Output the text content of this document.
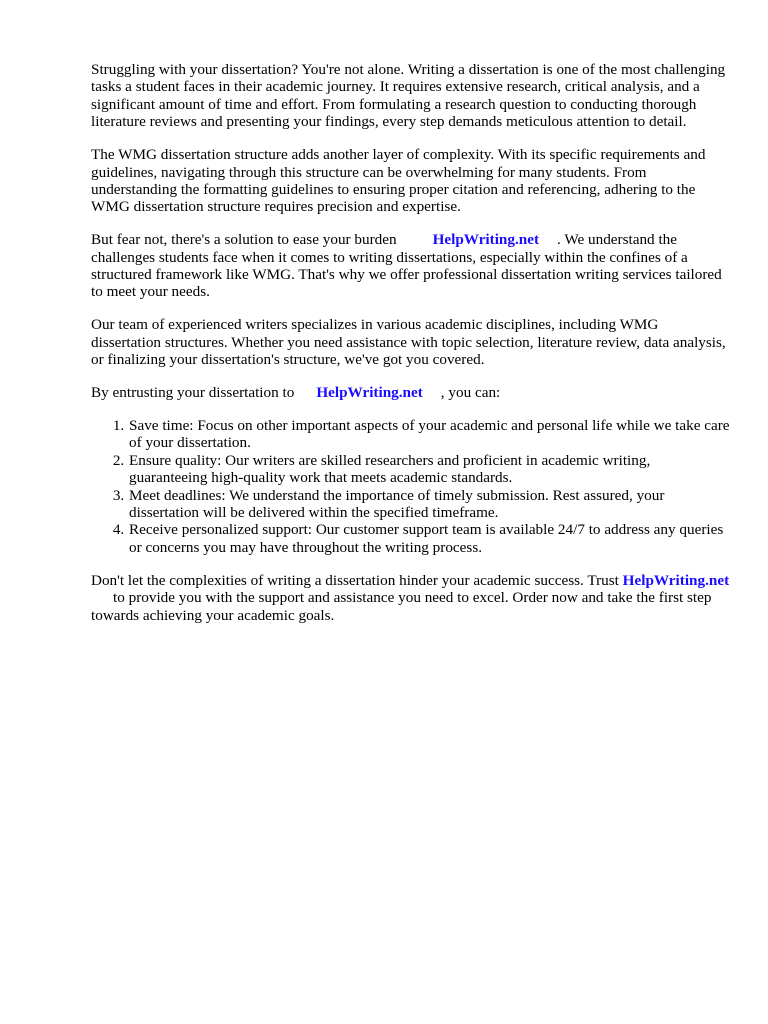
Struggling with your dissertation? You're not alone. Writing a dissertation is one of the most challenging tasks a student faces in their academic journey. It requires extensive research, critical analysis, and a significant amount of time and effort. From formulating a research question to conducting thorough literature reviews and presenting your findings, every step demands meticulous attention to detail.

The WMG dissertation structure adds another layer of complexity. With its specific requirements and guidelines, navigating through this structure can be overwhelming for many students. From understanding the formatting guidelines to ensuring proper citation and referencing, adhering to the WMG dissertation structure requires precision and expertise.

But fear not, there's a solution to ease your burden HelpWriting.net . We understand the challenges students face when it comes to writing dissertations, especially within the confines of a structured framework like WMG. That's why we offer professional dissertation writing services tailored to meet your needs.

Our team of experienced writers specializes in various academic disciplines, including WMG dissertation structures. Whether you need assistance with topic selection, literature review, data analysis, or finalizing your dissertation's structure, we've got you covered.

By entrusting your dissertation to HelpWriting.net , you can:

1. Save time: Focus on other important aspects of your academic and personal life while we take care of your dissertation.
2. Ensure quality: Our writers are skilled researchers and proficient in academic writing, guaranteeing high-quality work that meets academic standards.
3. Meet deadlines: We understand the importance of timely submission. Rest assured, your dissertation will be delivered within the specified timeframe.
4. Receive personalized support: Our customer support team is available 24/7 to address any queries or concerns you may have throughout the writing process.

Don't let the complexities of writing a dissertation hinder your academic success. Trust HelpWriting.netto provide you with the support and assistance you need to excel. Order now and take the first step towards achieving your academic goals.
